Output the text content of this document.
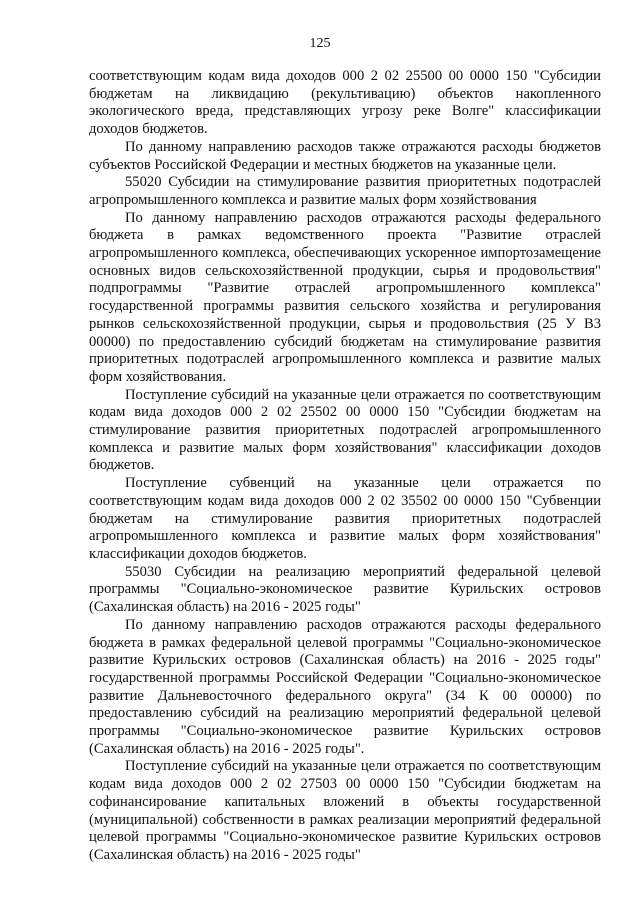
125

соответствующим кодам вида доходов 000 2 02 25500 00 0000 150 "Субсидии бюджетам на ликвидацию (рекультивацию) объектов накопленного экологического вреда, представляющих угрозу реке Волге" классификации доходов бюджетов.

По данному направлению расходов также отражаются расходы бюджетов субъектов Российской Федерации и местных бюджетов на указанные цели.

55020 Субсидии на стимулирование развития приоритетных подотраслей агропромышленного комплекса и развитие малых форм хозяйствования

По данному направлению расходов отражаются расходы федерального бюджета в рамках ведомственного проекта "Развитие отраслей агропромышленного комплекса, обеспечивающих ускоренное импортозамещение основных видов сельскохозяйственной продукции, сырья и продовольствия" подпрограммы "Развитие отраслей агропромышленного комплекса" государственной программы развития сельского хозяйства и регулирования рынков сельскохозяйственной продукции, сырья и продовольствия (25 У В3 00000) по предоставлению субсидий бюджетам на стимулирование развития приоритетных подотраслей агропромышленного комплекса и развитие малых форм хозяйствования.

Поступление субсидий на указанные цели отражается по соответствующим кодам вида доходов 000 2 02 25502 00 0000 150 "Субсидии бюджетам на стимулирование развития приоритетных подотраслей агропромышленного комплекса и развитие малых форм хозяйствования" классификации доходов бюджетов.

Поступление субвенций на указанные цели отражается по соответствующим кодам вида доходов 000 2 02 35502 00 0000 150 "Субвенции бюджетам на стимулирование развития приоритетных подотраслей агропромышленного комплекса и развитие малых форм хозяйствования" классификации доходов бюджетов.

55030 Субсидии на реализацию мероприятий федеральной целевой программы "Социально-экономическое развитие Курильских островов (Сахалинская область) на 2016 - 2025 годы"

По данному направлению расходов отражаются расходы федерального бюджета в рамках федеральной целевой программы "Социально-экономическое развитие Курильских островов (Сахалинская область) на 2016 - 2025 годы" государственной программы Российской Федерации "Социально-экономическое развитие Дальневосточного федерального округа" (34 К 00 00000) по предоставлению субсидий на реализацию мероприятий федеральной целевой программы "Социально-экономическое развитие Курильских островов (Сахалинская область) на 2016 - 2025 годы".

Поступление субсидий на указанные цели отражается по соответствующим кодам вида доходов 000 2 02 27503 00 0000 150 "Субсидии бюджетам на софинансирование капитальных вложений в объекты государственной (муниципальной) собственности в рамках реализации мероприятий федеральной целевой программы "Социально-экономическое развитие Курильских островов (Сахалинская область) на 2016 - 2025 годы"
